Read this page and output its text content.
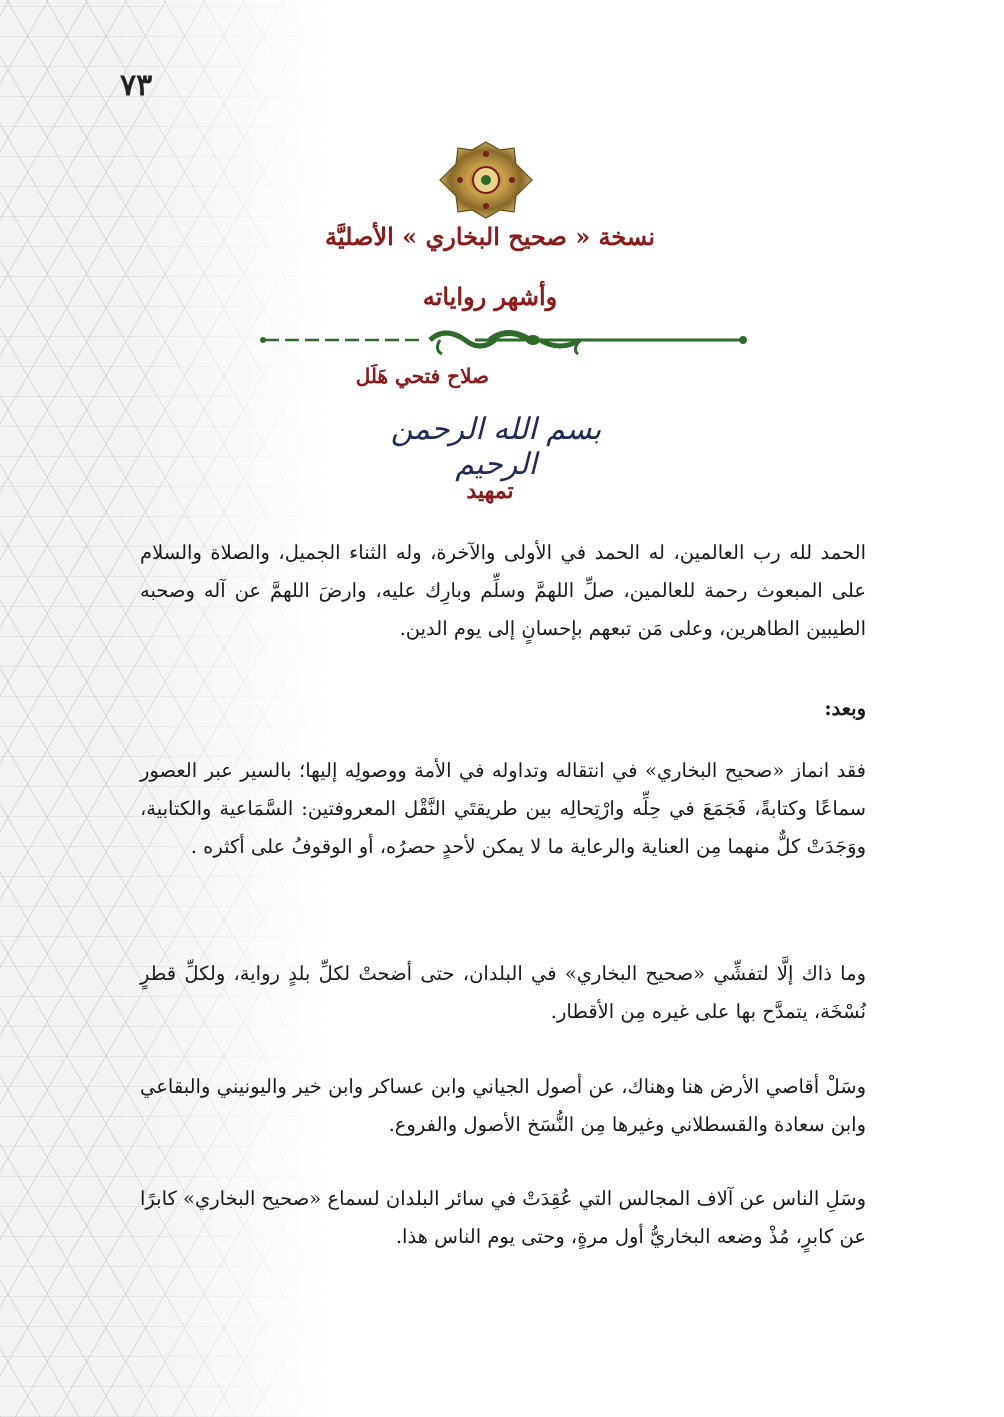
٧٣
نسخة « صحيح البخاري » الأصليَّة
وأشهر رواياته
صلاح فتحي هَلَل
بسم الله الرحمن الرحيم
تمهيد

الحمد لله رب العالمين، له الحمد في الأولى والآخرة، وله الثناء الجميل، والصلاة والسلام على المبعوث رحمة للعالمين، صلِّ اللهمَّ وسلِّم وبارِك عليه، وارضَ اللهمَّ عن آله وصحبه الطيبين الطاهرين، وعلى مَن تبعهم بإحسانٍ إلى يوم الدين.

وبعد:

فقد انماز «صحيح البخاري» في انتقاله وتداوله في الأمة ووصولِه إليها؛ بالسير عبر العصور سماعًا وكتابةً، فَجَمَعَ في حِلِّه وارْتِحالِه بين طريقتَي النَّقْل المعروفتين: السَّمَاعية والكتابية، ووَجَدَتْ كلٌّ منهما مِن العناية والرعاية ما لا يمكن لأحدٍ حصرُه، أو الوقوفُ على أكثره .

وما ذاك إلَّا لتفشِّي «صحيح البخاري» في البلدان، حتى أضحتْ لكلِّ بلدٍ رواية، ولكلِّ قطرٍ نُسْخَة، يتمدَّح بها على غيره مِن الأقطار.

وسَلْ أقاصي الأرض هنا وهناك، عن أصول الجياني وابن عساكر وابن خير واليونيني والبقاعي وابن سعادة والقسطلاني وغيرها مِن النُّسَخ الأصول والفروع.

وسَلِ الناس عن آلاف المجالس التي عُقِدَتْ في سائر البلدان لسماع «صحيح البخاري» كابرًا عن كابرٍ، مُذْ وضعه البخاريُّ أول مرةٍ، وحتى يوم الناس هذا.
